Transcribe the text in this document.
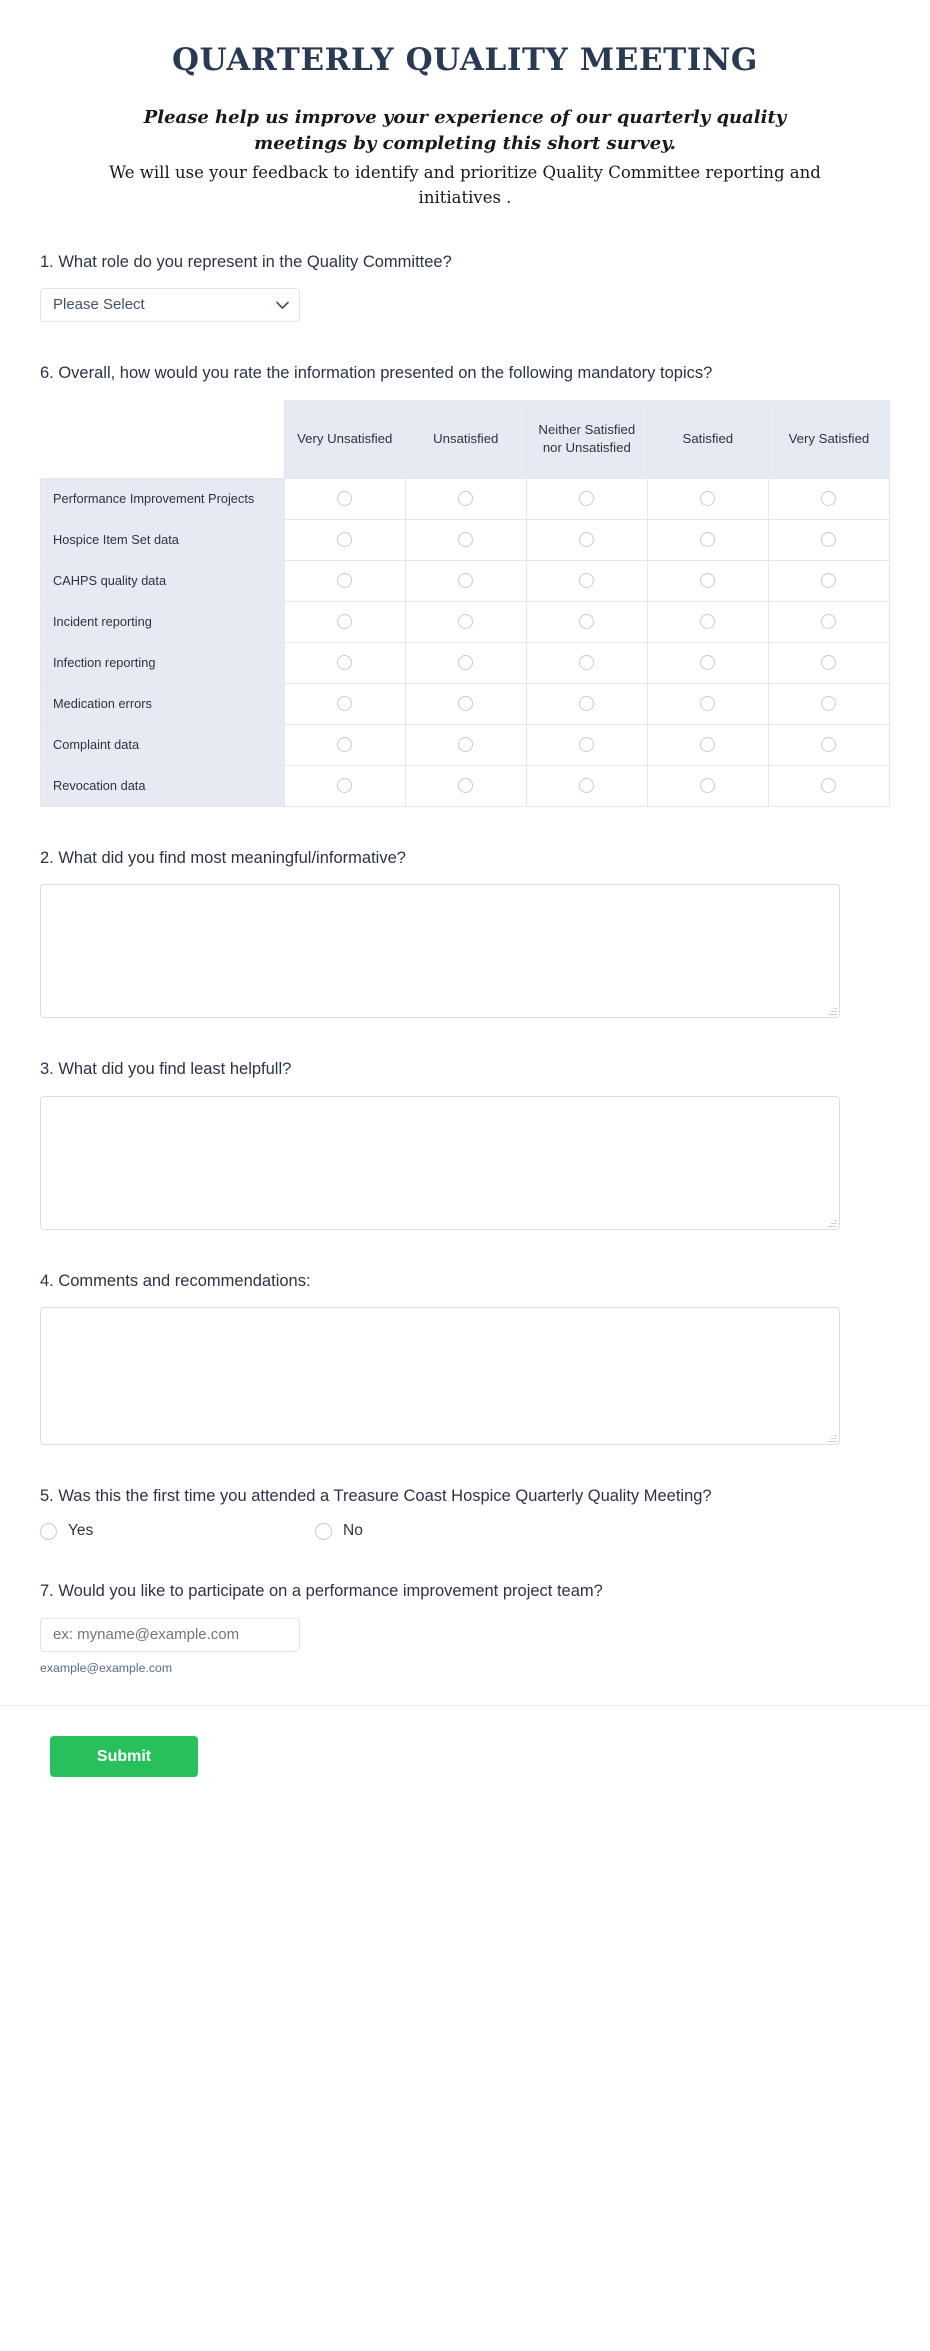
QUARTERLY QUALITY MEETING

Please help us improve your experience of our quarterly quality meetings by completing this short survey.

We will use your feedback to identify and prioritize Quality Committee reporting and initiatives .

1. What role do you represent in the Quality Committee?
Please Select
6. Overall, how would you rate the information presented on the following mandatory topics?
	Very Unsatisfied	Unsatisfied	Neither Satisfied nor Unsatisfied	Satisfied	Very Satisfied
Performance Improvement Projects					
Hospice Item Set data					
CAHPS quality data					
Incident reporting					
Infection reporting					
Medication errors					
Complaint data					
Revocation data					
2. What did you find most meaningful/informative?
3. What did you find least helpfull?
4. Comments and recommendations:
5. Was this the first time you attended a Treasure Coast Hospice Quarterly Quality Meeting?
Yes	No
7. Would you like to participate on a performance improvement project team?
ex: myname@example.com
example@example.com
Submit
